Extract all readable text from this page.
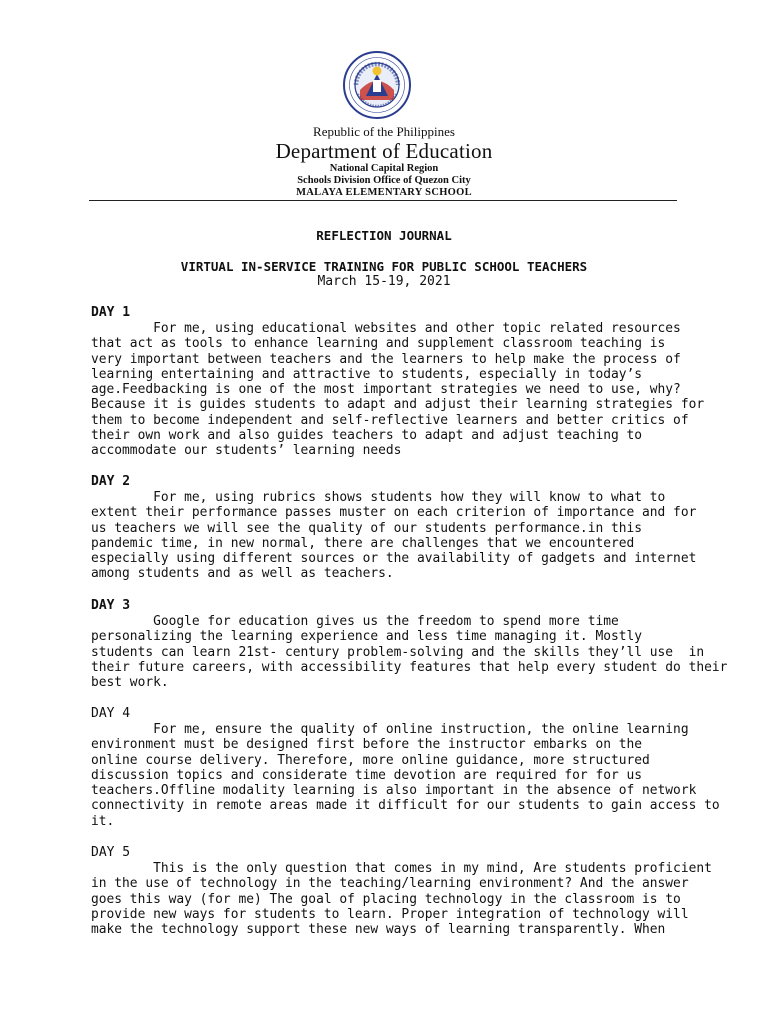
Republic of the Philippines
Department of Education
National Capital Region
Schools Division Office of Quezon City
MALAYA ELEMENTARY SCHOOL
REFLECTION JOURNAL
VIRTUAL IN-SERVICE TRAINING FOR PUBLIC SCHOOL TEACHERS
March 15-19, 2021
DAY 1
For me, using educational websites and other topic related resources
that act as tools to enhance learning and supplement classroom teaching is
very important between teachers and the learners to help make the process of
learning entertaining and attractive to students, especially in today’s
age.Feedbacking is one of the most important strategies we need to use, why?
Because it is guides students to adapt and adjust their learning strategies for
them to become independent and self-reflective learners and better critics of
their own work and also guides teachers to adapt and adjust teaching to
accommodate our students’ learning needs
DAY 2
For me, using rubrics shows students how they will know to what to
extent their performance passes muster on each criterion of importance and for
us teachers we will see the quality of our students performance.in this
pandemic time, in new normal, there are challenges that we encountered
especially using different sources or the availability of gadgets and internet
among students and as well as teachers.
DAY 3
Google for education gives us the freedom to spend more time
personalizing the learning experience and less time managing it. Mostly
students can learn 21st- century problem-solving and the skills they’ll use  in
their future careers, with accessibility features that help every student do their
best work.
DAY 4
For me, ensure the quality of online instruction, the online learning
environment must be designed first before the instructor embarks on the
online course delivery. Therefore, more online guidance, more structured
discussion topics and considerate time devotion are required for for us
teachers.Offline modality learning is also important in the absence of network
connectivity in remote areas made it difficult for our students to gain access to
it.
DAY 5
This is the only question that comes in my mind, Are students proficient
in the use of technology in the teaching/learning environment? And the answer
goes this way (for me) The goal of placing technology in the classroom is to
provide new ways for students to learn. Proper integration of technology will
make the technology support these new ways of learning transparently. When
